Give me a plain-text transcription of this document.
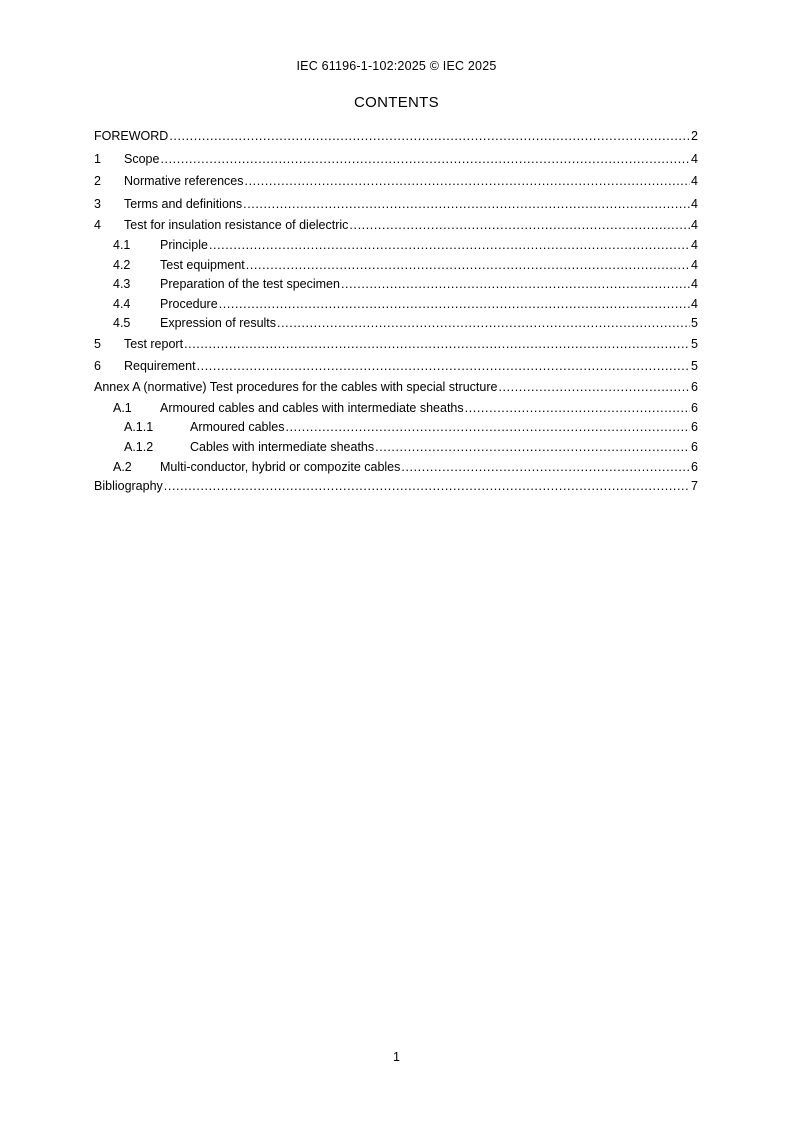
IEC 61196-1-102:2025 © IEC 2025
CONTENTS
FOREWORD .....	2
1	Scope .....	4
2	Normative references .....	4
3	Terms and definitions .....	4
4	Test for insulation resistance of dielectric .....	4
4.1	Principle .....	4
4.2	Test equipment .....	4
4.3	Preparation of the test specimen .....	4
4.4	Procedure .....	4
4.5	Expression of results .....	5
5	Test report .....	5
6	Requirement .....	5
Annex A (normative) Test procedures for the cables with special structure .....	6
A.1	Armoured cables and cables with intermediate sheaths .....	6
A.1.1	Armoured cables .....	6
A.1.2	Cables with intermediate sheaths .....	6
A.2	Multi-conductor, hybrid or compozite cables .....	6
Bibliography .....	7
1
